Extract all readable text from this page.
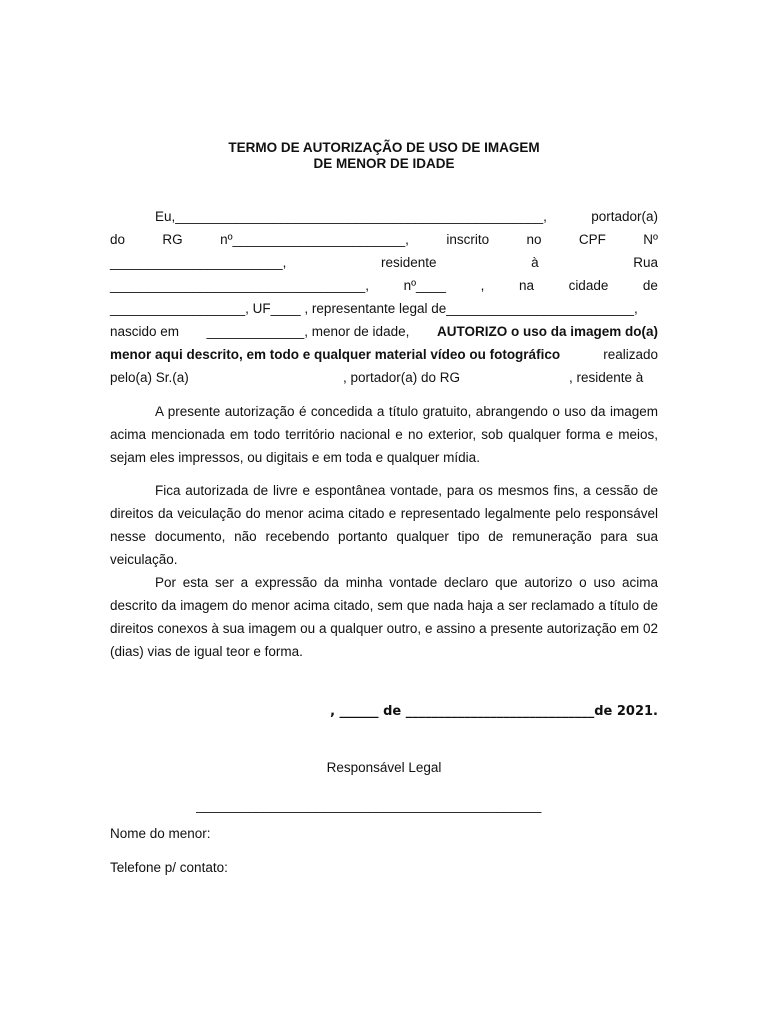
TERMO DE AUTORIZAÇÃO DE USO DE IMAGEM
DE MENOR DE IDADE
Eu,_________________________________________________,	portador(a)
do	RG	nº_______________________,	inscrito	no	CPF	Nº
_______________________,	residente	à	Rua
__________________________________,	nº____	,	na	cidade	de
__________________, UF____ , representante legal de_________________________,
nascido em _____________, menor de idade, AUTORIZO o uso da imagem do(a)
menor aqui descrito, em todo e qualquer material vídeo ou fotográfico	realizado
pelo(a) Sr.(a)	, portador(a) do RG	, residente à
A presente autorização é concedida a título gratuito, abrangendo o uso da imagem acima mencionada em todo território nacional e no exterior, sob qualquer forma e meios, sejam eles impressos, ou digitais e em toda e qualquer mídia.
Fica autorizada de livre e espontânea vontade, para os mesmos fins, a cessão de direitos da veiculação do menor acima citado e representado legalmente pelo responsável nesse documento, não recebendo portanto qualquer tipo de remuneração para sua veiculação.
Por esta ser a expressão da minha vontade declaro que autorizo o uso acima descrito da imagem do menor acima citado, sem que nada haja a ser reclamado a título de direitos conexos à sua imagem ou a qualquer outro, e assino a presente autorização em 02 (dias) vias de igual teor e forma.
, ______ de _____________________________de 2021.
Responsável Legal
______________________________________________
Nome do menor:
Telefone p/ contato:
